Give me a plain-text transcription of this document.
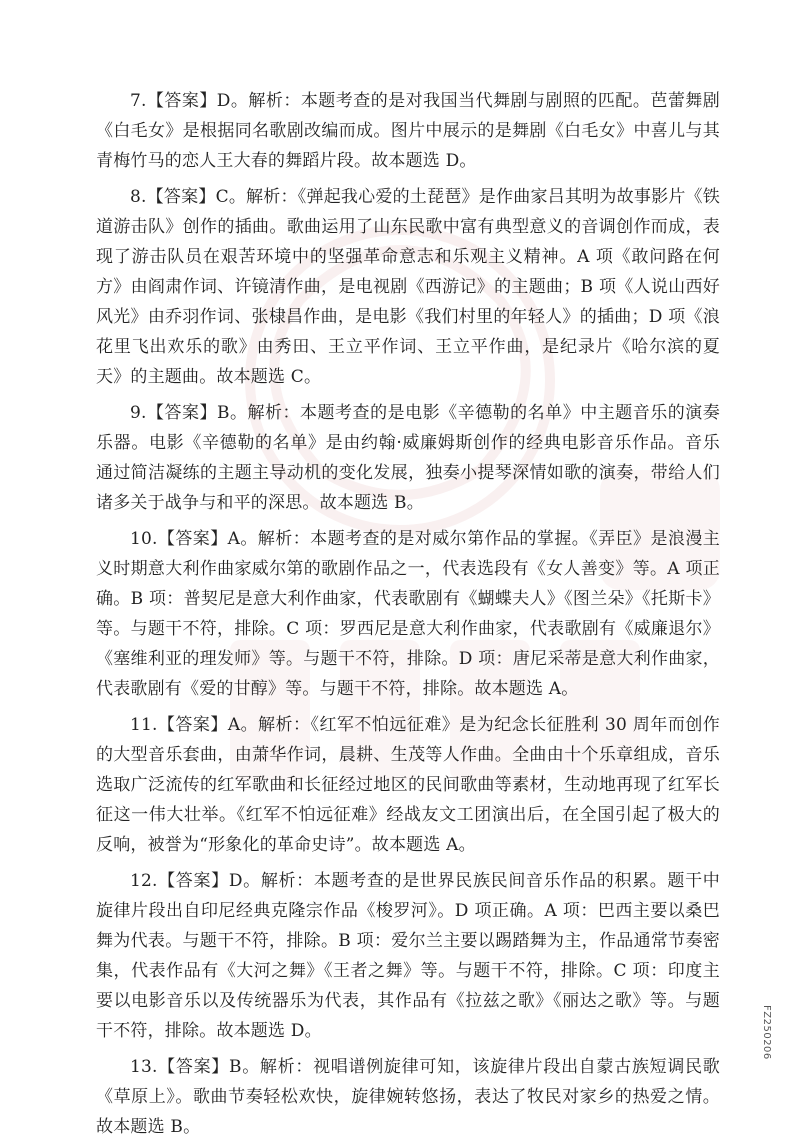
7.【答案】D。解析：本题考查的是对我国当代舞剧与剧照的匹配。芭蕾舞剧《白毛女》是根据同名歌剧改编而成。图片中展示的是舞剧《白毛女》中喜儿与其青梅竹马的恋人王大春的舞蹈片段。故本题选 D。

8.【答案】C。解析：《弹起我心爱的土琵琶》是作曲家吕其明为故事影片《铁道游击队》创作的插曲。歌曲运用了山东民歌中富有典型意义的音调创作而成，表现了游击队员在艰苦环境中的坚强革命意志和乐观主义精神。A 项《敢问路在何方》由阎肃作词、许镜清作曲，是电视剧《西游记》的主题曲；B 项《人说山西好风光》由乔羽作词、张棣昌作曲，是电影《我们村里的年轻人》的插曲；D 项《浪花里飞出欢乐的歌》由秀田、王立平作词、王立平作曲，是纪录片《哈尔滨的夏天》的主题曲。故本题选 C。

9.【答案】B。解析：本题考查的是电影《辛德勒的名单》中主题音乐的演奏乐器。电影《辛德勒的名单》是由约翰·威廉姆斯创作的经典电影音乐作品。音乐通过简洁凝练的主题主导动机的变化发展，独奏小提琴深情如歌的演奏，带给人们诸多关于战争与和平的深思。故本题选 B。

10.【答案】A。解析：本题考查的是对威尔第作品的掌握。《弄臣》是浪漫主义时期意大利作曲家威尔第的歌剧作品之一，代表选段有《女人善变》等。A 项正确。B 项：普契尼是意大利作曲家，代表歌剧有《蝴蝶夫人》《图兰朵》《托斯卡》等。与题干不符，排除。C 项：罗西尼是意大利作曲家，代表歌剧有《威廉退尔》《塞维利亚的理发师》等。与题干不符，排除。D 项：唐尼采蒂是意大利作曲家，代表歌剧有《爱的甘醇》等。与题干不符，排除。故本题选 A。

11.【答案】A。解析：《红军不怕远征难》是为纪念长征胜利 30 周年而创作的大型音乐套曲，由萧华作词，晨耕、生茂等人作曲。全曲由十个乐章组成，音乐选取广泛流传的红军歌曲和长征经过地区的民间歌曲等素材，生动地再现了红军长征这一伟大壮举。《红军不怕远征难》经战友文工团演出后，在全国引起了极大的反响，被誉为“形象化的革命史诗”。故本题选 A。

12.【答案】D。解析：本题考查的是世界民族民间音乐作品的积累。题干中旋律片段出自印尼经典克隆宗作品《梭罗河》。D 项正确。A 项：巴西主要以桑巴舞为代表。与题干不符，排除。B 项：爱尔兰主要以踢踏舞为主，作品通常节奏密集，代表作品有《大河之舞》《王者之舞》等。与题干不符，排除。C 项：印度主要以电影音乐以及传统器乐为代表，其作品有《拉兹之歌》《丽达之歌》等。与题干不符，排除。故本题选 D。

13.【答案】B。解析：视唱谱例旋律可知，该旋律片段出自蒙古族短调民歌《草原上》。歌曲节奏轻松欢快，旋律婉转悠扬，表达了牧民对家乡的热爱之情。故本题选 B。

FZ250206
